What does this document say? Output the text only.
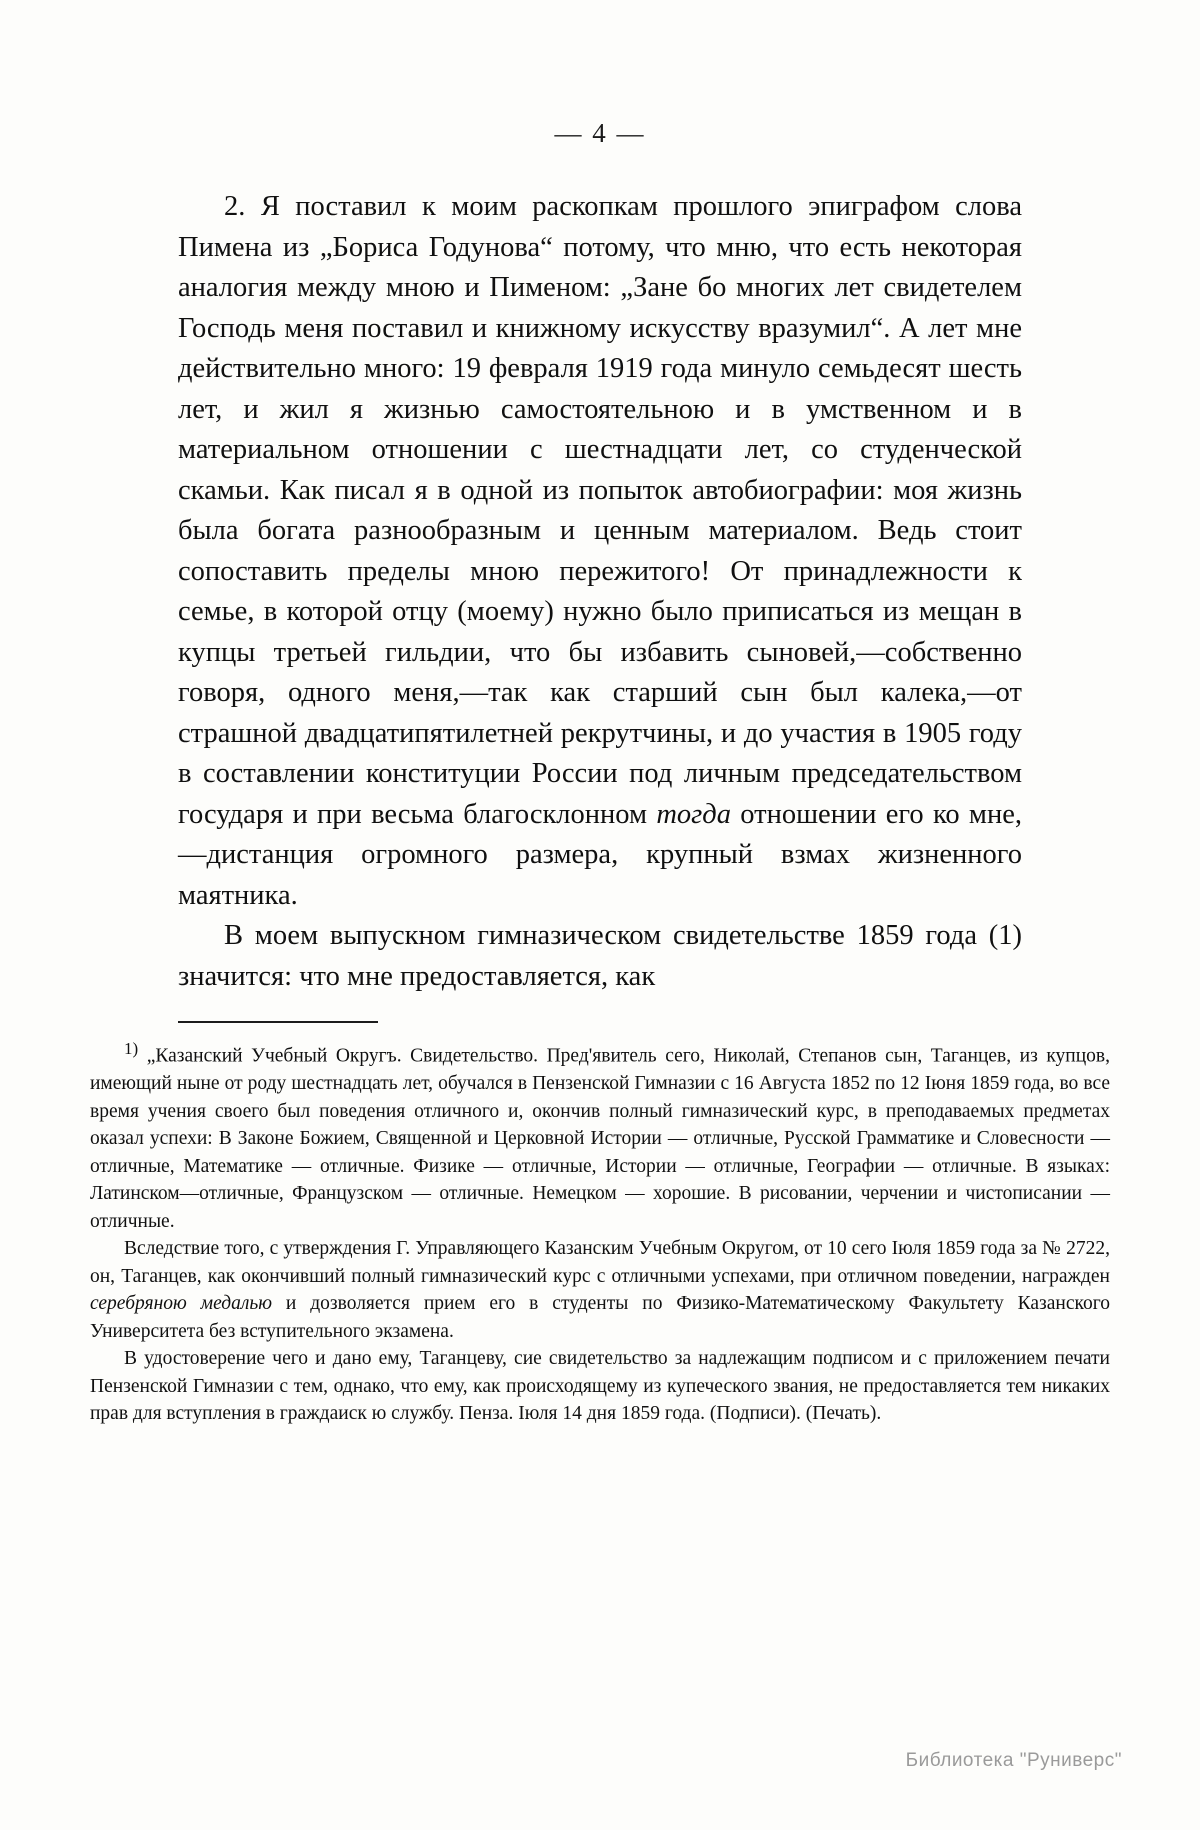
— 4 —

2. Я поставил к моим раскопкам прошлого эпиграфом слова Пимена из „Бориса Годунова“ потому, что мню, что есть некоторая аналогия между мною и Пименом: „Зане бо многих лет свидетелем Господь меня поставил и книжному искусству вразумил“. А лет мне действительно много: 19 февраля 1919 года минуло семьдесят шесть лет, и жил я жизнью самостоятельною и в умственном и в материальном отношении с шестнадцати лет, со студенческой скамьи. Как писал я в одной из попыток автобиографии: моя жизнь была богата разнообразным и ценным материалом. Ведь стоит сопоставить пределы мною пережитого! От принадлежности к семье, в которой отцу (моему) нужно было приписаться из мещан в купцы третьей гильдии, что бы избавить сыновей,—собственно говоря, одного меня,—так как старший сын был калека,—от страшной двадцатипятилетней рекрутчины, и до участия в 1905 году в составлении конституции России под личным председательством государя и при весьма благосклонном тогда отношении его ко мне,—дистанция огромного размера, крупный взмах жизненного маятника.

В моем выпускном гимназическом свидетельстве 1859 года (1) значится: что мне предоставляется, как

1) „Казанский Учебный Округъ. Свидетельство. Пред'явитель сего, Николай, Степанов сын, Таганцев, из купцов, имеющий ныне от роду шестнадцать лет, обучался в Пензенской Гимназии с 16 Августа 1852 по 12 Іюня 1859 года, во все время учения своего был поведения отличного и, окончив полный гимназический курс, в преподаваемых предметах оказал успехи: В Законе Божием, Священной и Церковной Истории — отличные, Русской Грамматике и Словесности — отличные, Математике — отличные. Физике — отличные, Истории — отличные, Географии — отличные. В языках: Латинском—отличные, Французском — отличные. Немецком — хорошие. В рисовании, черчении и чистописании — отличные.

Вследствие того, с утверждения Г. Управляющего Казанским Учебным Округом, от 10 сего Іюля 1859 года за № 2722, он, Таганцев, как окончивший полный гимназический курс с отличными успехами, при отличном поведении, награжден серебряною медалью и дозволяется прием его в студенты по Физико-Математическому Факультету Казанского Университета без вступительного экзамена.

В удостоверение чего и дано ему, Таганцеву, сие свидетельство за надлежащим подписом и с приложением печати Пензенской Гимназии с тем, однако, что ему, как происходящему из купеческого звания, не предоставляется тем никаких прав для вступления в граждаиск ю службу. Пенза. Іюля 14 дня 1859 года. (Подписи). (Печать).

Библиотека "Руниверс"
